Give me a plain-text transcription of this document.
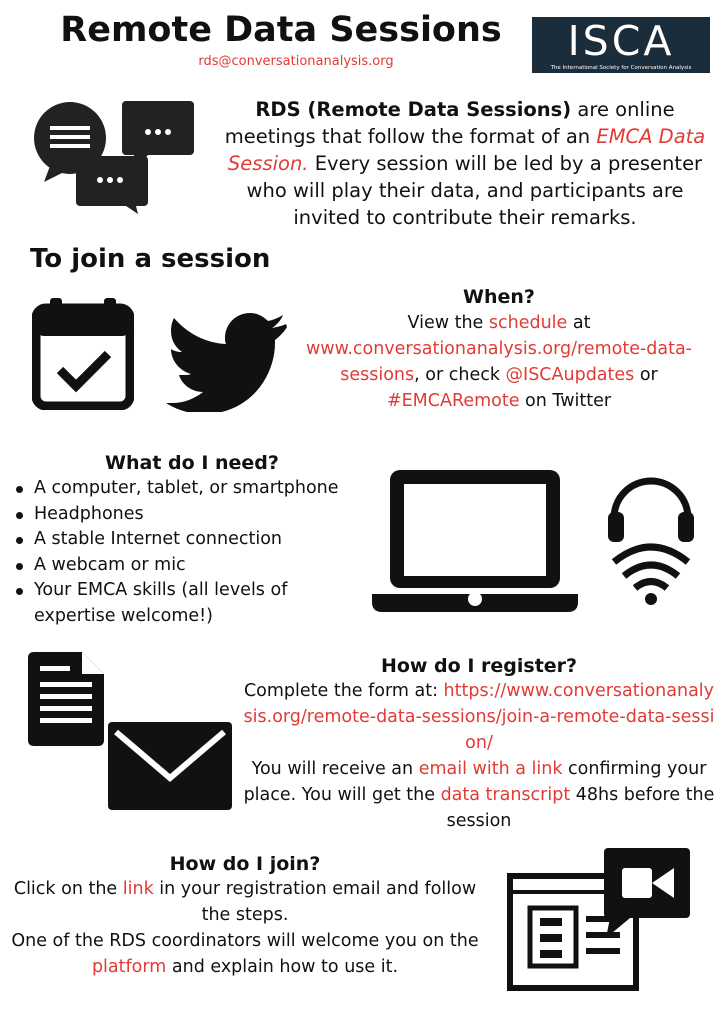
Remote Data Sessions
rds@conversationanalysis.org	ISCA
The International Society for Conversation Analysis
RDS (Remote Data Sessions) are online meetings that follow the format of an EMCA Data Session. Every session will be led by a presenter who will play their data, and participants are invited to contribute their remarks.
To join a session
When?
View the schedule at www.conversationanalysis.org/remote-data-sessions, or check @ISCAupdates or #EMCARemote on Twitter
What do I need?
A computer, tablet, or smartphone
Headphones
A stable Internet connection
A webcam or mic
Your EMCA skills (all levels of expertise welcome!)
How do I register?
Complete the form at: https://www.conversationanalysis.org/remote-data-sessions/join-a-remote-data-session/
You will receive an email with a link confirming your place. You will get the data transcript 48hs before the session
How do I join?
Click on the link in your registration email and follow the steps.
One of the RDS coordinators will welcome you on the platform and explain how to use it.
